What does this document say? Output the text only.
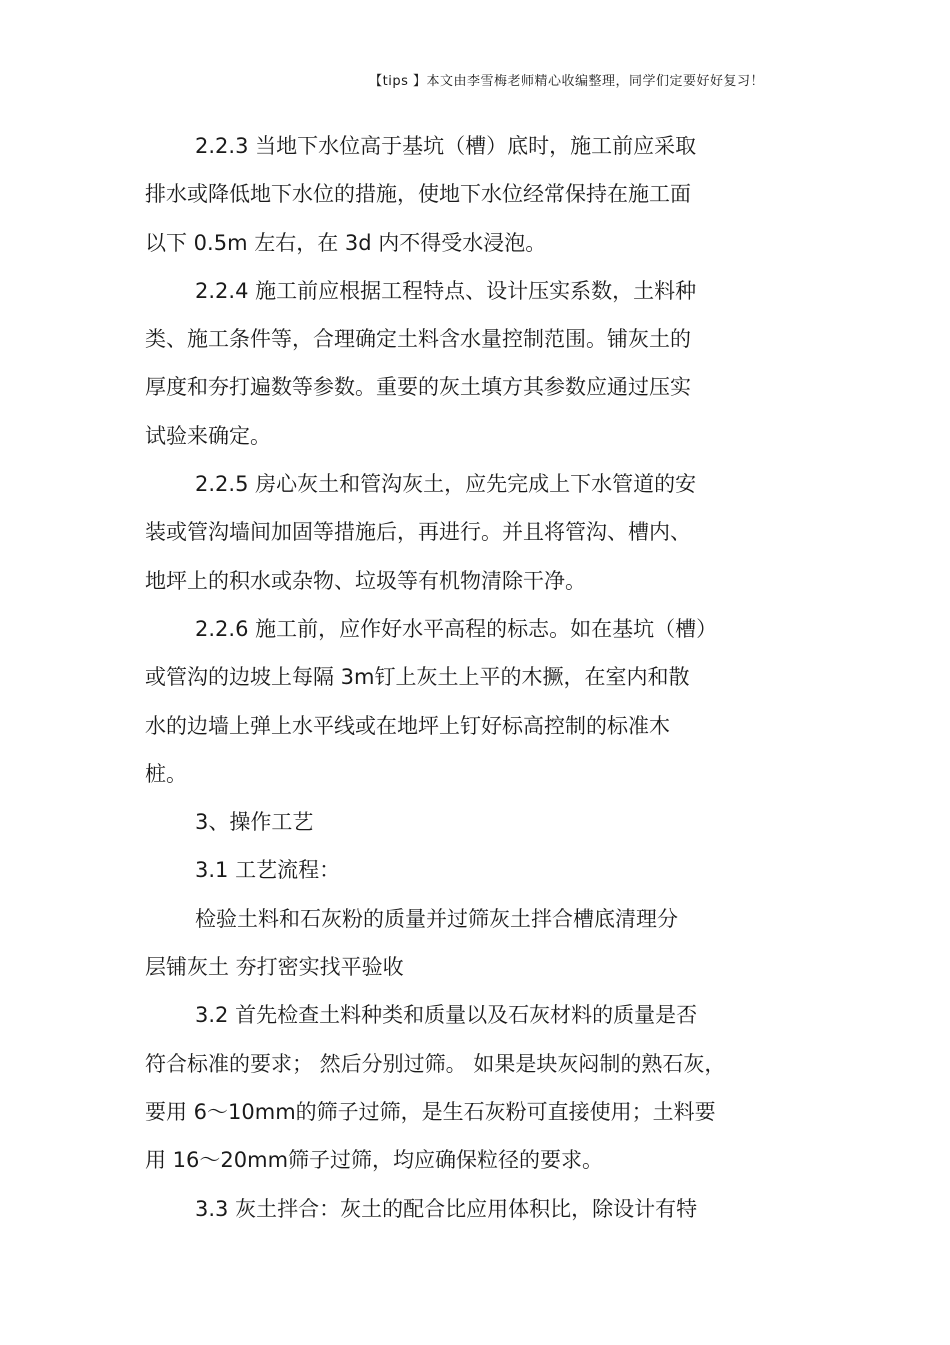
【tips 】本文由李雪梅老师精心收编整理，同学们定要好好复习！
2.2.3 当地下水位高于基坑（槽）底时，施工前应采取
排水或降低地下水位的措施，使地下水位经常保持在施工面
以下 0.5m 左右，在 3d 内不得受水浸泡。
2.2.4 施工前应根据工程特点、设计压实系数，土料种
类、施工条件等，合理确定土料含水量控制范围。铺灰土的
厚度和夯打遍数等参数。重要的灰土填方其参数应通过压实
试验来确定。
2.2.5 房心灰土和管沟灰土，应先完成上下水管道的安
装或管沟墙间加固等措施后，再进行。并且将管沟、槽内、
地坪上的积水或杂物、垃圾等有机物清除干净。
2.2.6 施工前，应作好水平高程的标志。如在基坑（槽）
或管沟的边坡上每隔 3m钉上灰土上平的木撅，在室内和散
水的边墙上弹上水平线或在地坪上钉好标高控制的标准木
桩。
3、操作工艺
3.1 工艺流程：
检验土料和石灰粉的质量并过筛灰土拌合槽底清理分
层铺灰土 夯打密实找平验收
3.2 首先检查土料种类和质量以及石灰材料的质量是否
符合标准的要求； 然后分别过筛。 如果是块灰闷制的熟石灰，
要用 6～10mm的筛子过筛，是生石灰粉可直接使用；土料要
用 16～20mm筛子过筛，均应确保粒径的要求。
3.3 灰土拌合：灰土的配合比应用体积比，除设计有特
